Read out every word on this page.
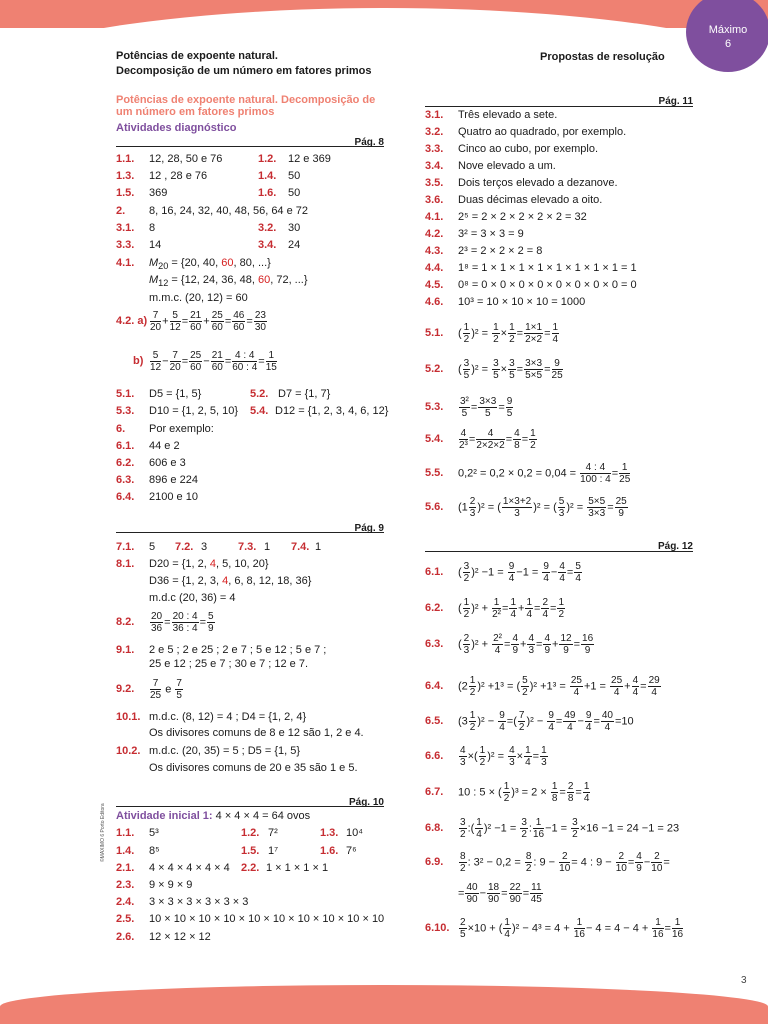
Máximo
6
Potências de expoente natural.
Decomposição de um número em fatores primos
Propostas de resolução
Potências de expoente natural. Decomposição de um número em fatores primos
Atividades diagnóstico
Pág. 8
1.1. 12, 28, 50 e 76	1.2. 12 e 369
1.3. 12 , 28 e 76	1.4. 50
1.5. 369	1.6. 50
2. 8, 16, 24, 32, 40, 48, 56, 64 e 72
3.1. 8	3.2. 30
3.3. 14	3.4. 24
4.1. $M_{20} = \{20$, 40, 60, 80, ...}
$M_{12} = \{12$, 24, 36, 48, 60, 72, ...}
m.m.c. (20, 12) = 60
4.2. $a) \frac{7}{20} + \frac{5}{12} = \frac{21}{60} + \frac{25}{60} = \frac{46}{60} = \frac{23}{30}$
$b) \frac{5}{12} - \frac{7}{20} = \frac{25}{60} - \frac{21}{60} = \frac{4 : 4}{60 : 4} = \frac{1}{15}$
5.1. D5 = {1, 5}	5.2. D7 = {1, 7}
5.3. D10 = {1, 2, 5, 10} 5.4. D12 = {1, 2, 3, 4, 6, 12}
6. Por exemplo:
6.1. 44 e 2
6.2. 606 e 3
6.3. 896 e 224
6.4. 2100 e 10
Pág. 9
7.1. 5 7.2. 3	7.3. 1 7.4. 1
8.1. D20 = {1, 2, 4, 5, 10, 20}
D36 = {1, 2, 3, 4, 6, 8, 12, 18, 36}
m.d.c (20, 36) = 4
8.2. $\frac{20}{36} = \frac{20 : 4}{36 : 4} = \frac{5}{9}$
9.1. 2 e 5 ; 2 e 25 ; 2 e 7 ; 5 e 12 ; 5 e 7 ;
25 e 12 ; 25 e 7 ; 30 e 7 ; 12 e 7.
9.2. $\frac{7}{25}$ e $\frac{7}{5}$
10.1. m.d.c. (8, 12) = 4 ; D4 = {1, 2, 4}
Os divisores comuns de 8 e 12 são 1, 2 e 4.
10.2. m.d.c. (20, 35) = 5 ; D5 = {1, 5}
Os divisores comuns de 20 e 35 são 1 e 5.
Pág. 10
Atividade inicial 1: 4 × 4 × 4 = 64 ovos
1.1. 5³	1.2. 7²	1.3. 10⁴
1.4. 8⁵	1.5. 1⁷	1.6. 7⁶
2.1. 4 × 4 × 4 × 4 × 4 2.2. 1 × 1 × 1 × 1
2.3. 9 × 9 × 9
2.4. 3 × 3 × 3 × 3 × 3 × 3
2.5. 10 × 10 × 10 × 10 × 10 × 10 × 10 × 10 × 10 × 10
2.6. 12 × 12 × 12
Pág. 11
3.1. Três elevado a sete.
3.2. Quatro ao quadrado, por exemplo.
3.3. Cinco ao cubo, por exemplo.
3.4. Nove elevado a um.
3.5. Dois terços elevado a dezanove.
3.6. Duas décimas elevado a oito.
4.1. 2⁵ = 2 × 2 × 2 × 2 × 2 = 32
4.2. 3² = 3 × 3 = 9
4.3. 2³ = 2 × 2 × 2 = 8
4.4. 1⁸ = 1 × 1 × 1 × 1 × 1 × 1 × 1 × 1 = 1
4.5. 0⁸ = 0 × 0 × 0 × 0 × 0 × 0 × 0 × 0 = 0
4.6. 10³ = 10 × 10 × 10 = 1000
5.1. ( $\frac{1}{2} )^2 = \frac{1}{2} \times \frac{1}{2} = \frac{1\times 1}{2\times 2} = \frac{1}{4}$
5.2. ( $\frac{3}{5} )^2 = \frac{3}{5} \times \frac{3}{5} = \frac{3\times 3}{5\times 5} = \frac{9}{25}$
5.3. $\frac{\text{3²}}{5} = \frac{3\times 3}{5} = \frac{9}{5}$
5.4. $\frac{4}{\text{2³}} = \frac{4}{2\times 2\times 2} = \frac{4}{8} = \frac{1}{2}$
5.5. $0,2^2 = 0,2 \times 0,2 = 0,04 = \frac{4 : 4}{100 : 4} = \frac{1}{25}$
5.6. $(1 \frac{2}{3} )^2$ = ( $\frac{1\times 3+2}{3} )^2$ = ( $\frac{5}{3} )^2 = \frac{5\times 5}{3\times 3} = \frac{25}{9}$
Pág. 12
6.1. ( $\frac{3}{2} )^2 -1 = \frac{9}{4} -1 = \frac{9}{4} - \frac{4}{4} = \frac{5}{4}$
6.2. ( $\frac{1}{2} )^2 + \frac{1}{\text{2²}} = \frac{1}{4} + \frac{1}{4} = \frac{2}{4} = \frac{1}{2}$
6.3. ( $\frac{2}{3} )^2 + \frac{\text{2²}}{4} = \frac{4}{9} + \frac{4}{3} = \frac{4}{9} + \frac{12}{9} = \frac{16}{9}$
6.4. $(2 \frac{1}{2} )^2 +1^3$ = ( $\frac{5}{2} )^2 +1^3 = \frac{25}{4} +1 = \frac{25}{4} + \frac{4}{4} = \frac{29}{4}$
6.5. $(3 \frac{1}{2} )^2 - \frac{9}{4}$ =( $\frac{7}{2} )^2 - \frac{9}{4} = \frac{49}{4} - \frac{9}{4} = \frac{40}{4} =10$
6.6. $\frac{4}{3}$ ×( $\frac{1}{2} )^2 = \frac{4}{3} \times \frac{1}{4} = \frac{1}{3}$
6.7. 10 : 5 × ( $\frac{1}{2} )^3 = 2 \times \frac{1}{8} = \frac{2}{8} = \frac{1}{4}$
6.8. $\frac{3}{2}$ :( $\frac{1}{4} )^2 -1 = \frac{3}{2}$ : $\frac{1}{16} -1 = \frac{3}{2} \times 16 -1 = 24 -1 = 23$
6.9. $\frac{8}{2}$ : $3^2 - 0,2 = \frac{8}{2}$ : $9 - \frac{2}{10} = 4$ : $9 - \frac{2}{10} = \frac{4}{9} - \frac{2}{10}$ =
= $\frac{40}{90} - \frac{18}{90} = \frac{22}{90} = \frac{11}{45}$
6.10. $\frac{2}{5} \times 10$ + ( $\frac{1}{4} )^2 - 4^3 = 4 + \frac{1}{16} - 4 = 4 - 4 + \frac{1}{16} = \frac{1}{16}$
©MAXIMO 6 Porto Editora
3
